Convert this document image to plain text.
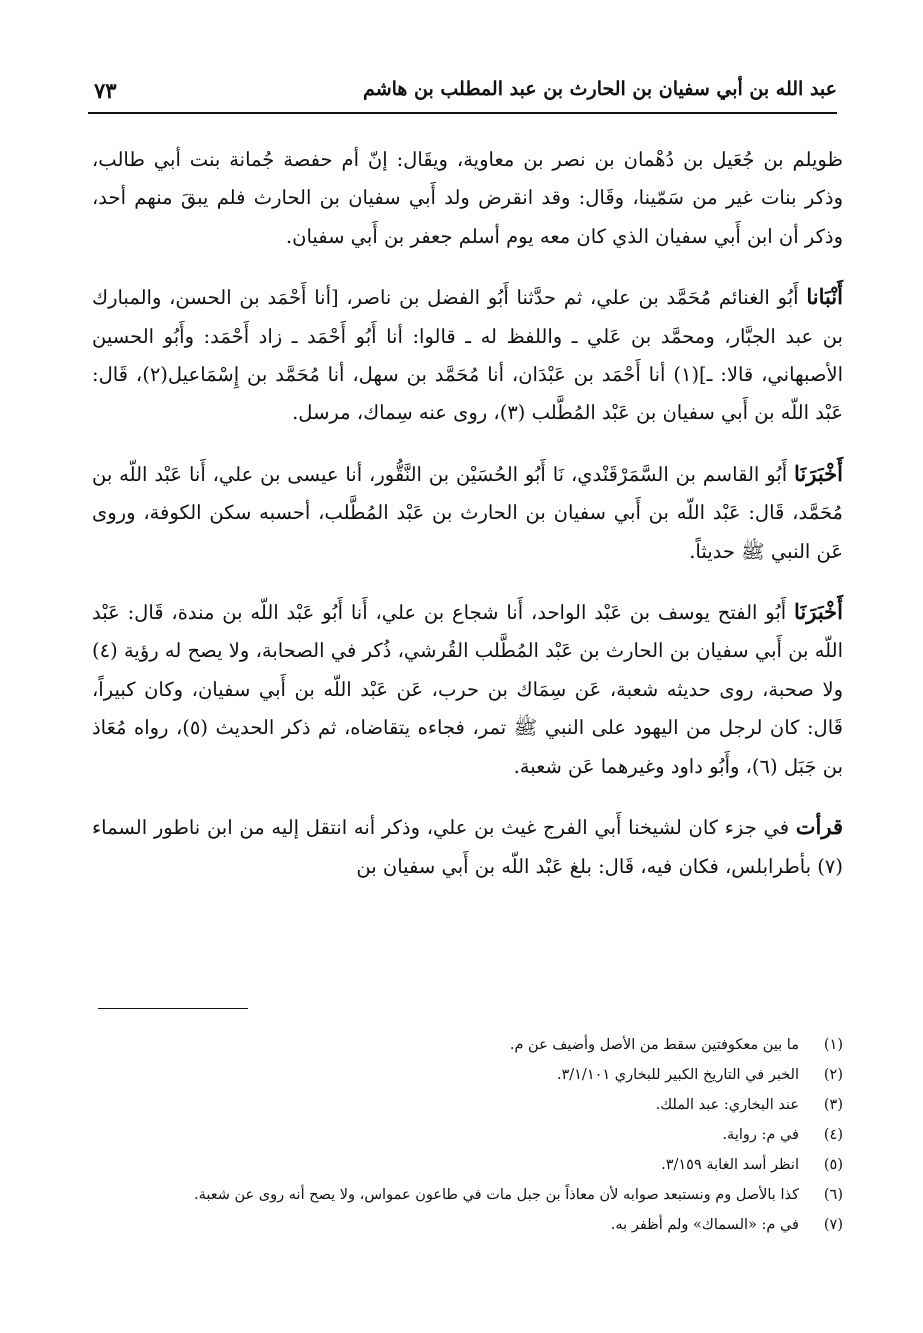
عبد الله بن أبي سفيان بن الحارث بن عبد المطلب بن هاشم
٧٣

ظويلم بن جُعَيل بن دُهْمان بن نصر بن معاوية، ويقَال: إنّ أم حفصة جُمانة بنت أبي طالب، وذكر بنات غير من سَمّينا، وقَال: وقد انقرض ولد أَبي سفيان بن الحارث فلم يبقَ منهم أحد، وذكر أن ابن أَبي سفيان الذي كان معه يوم أسلم جعفر بن أَبي سفيان.

أَنْبَانا أَبُو الغنائم مُحَمَّد بن علي، ثم حدَّثنا أَبُو الفضل بن ناصر، [أنا أَحْمَد بن الحسن، والمبارك بن عبد الجبَّار، ومحمَّد بن عَلي ـ واللفظ له ـ قالوا: أنا أَبُو أَحْمَد ـ زاد أَحْمَد: وأَبُو الحسين الأصبهاني، قالا: ـ](١) أنا أَحْمَد بن عَبْدَان، أنا مُحَمَّد بن سهل، أنا مُحَمَّد بن إِسْمَاعيل(٢)، قَال: عَبْد اللّه بن أَبي سفيان بن عَبْد المُطَّلب (٣)، روى عنه سِماك، مرسل.

أَخْبَرَنَا أَبُو القاسم بن السَّمَرْقَنْدي، نَا أَبُو الحُسَيْن بن النَّقُّور، أنا عيسى بن علي، أَنا عَبْد اللّه بن مُحَمَّد، قَال: عَبْد اللّه بن أَبي سفيان بن الحارث بن عَبْد المُطَّلب، أحسبه سكن الكوفة، وروى عَن النبي ﷺ حديثاً.

أَخْبَرَنَا أَبُو الفتح يوسف بن عَبْد الواحد، أَنا شجاع بن علي، أَنا أَبُو عَبْد اللّه بن مندة، قَال: عَبْد اللّه بن أَبي سفيان بن الحارث بن عَبْد المُطَّلب القُرشي، ذُكر في الصحابة، ولا يصح له رؤية (٤) ولا صحبة، روى حديثه شعبة، عَن سِمَاك بن حرب، عَن عَبْد اللّه بن أَبي سفيان، وكان كبيراً، قَال: كان لرجل من اليهود على النبي ﷺ تمر، فجاءه يتقاضاه، ثم ذكر الحديث (٥)، رواه مُعَاذ بن جَبَل (٦)، وأَبُو داود وغيرهما عَن شعبة.

قرأت في جزء كان لشيخنا أَبي الفرج غيث بن علي، وذكر أنه انتقل إليه من ابن ناطور السماء (٧) بأطرابلس، فكان فيه، قَال: بلغ عَبْد اللّه بن أَبي سفيان بن

(١)
ما بين معكوفتين سقط من الأصل وأضيف عن م.
(٢)
الخبر في التاريخ الكبير للبخاري ٣/١/١٠١.
(٣)
عند البخاري: عبد الملك.
(٤)
في م: رواية.
(٥)
انظر أسد الغابة ٣/١٥٩.
(٦)
كذا بالأصل وم ونستبعد صوابه لأن معاذاً بن جبل مات في طاعون عمواس، ولا يصح أنه روى عن شعبة.
(٧)
في م: «السماك» ولم أظفر به.
